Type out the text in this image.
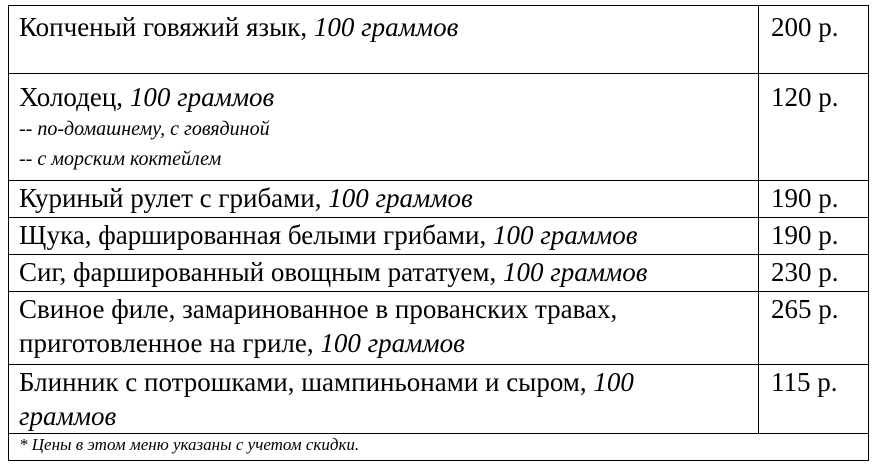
Копченый говяжий язык, 100 граммов	200 р.

Холодец, 100 граммов
-- по-домашнему, с говядиной
-- с морским коктейлем	120 р.

Куриный рулет с грибами, 100 граммов	190 р.

Щука, фаршированная белыми грибами, 100 граммов	190 р.

Сиг, фаршированный овощным рататуем, 100 граммов	230 р.

Свиное филе, замаринованное в прованских травах,
приготовленное на гриле, 100 граммов	265 р.

Блинник с потрошками, шампиньонами и сыром, 100
граммов	115 р.

* Цены в этом меню указаны с учетом скидки.	
